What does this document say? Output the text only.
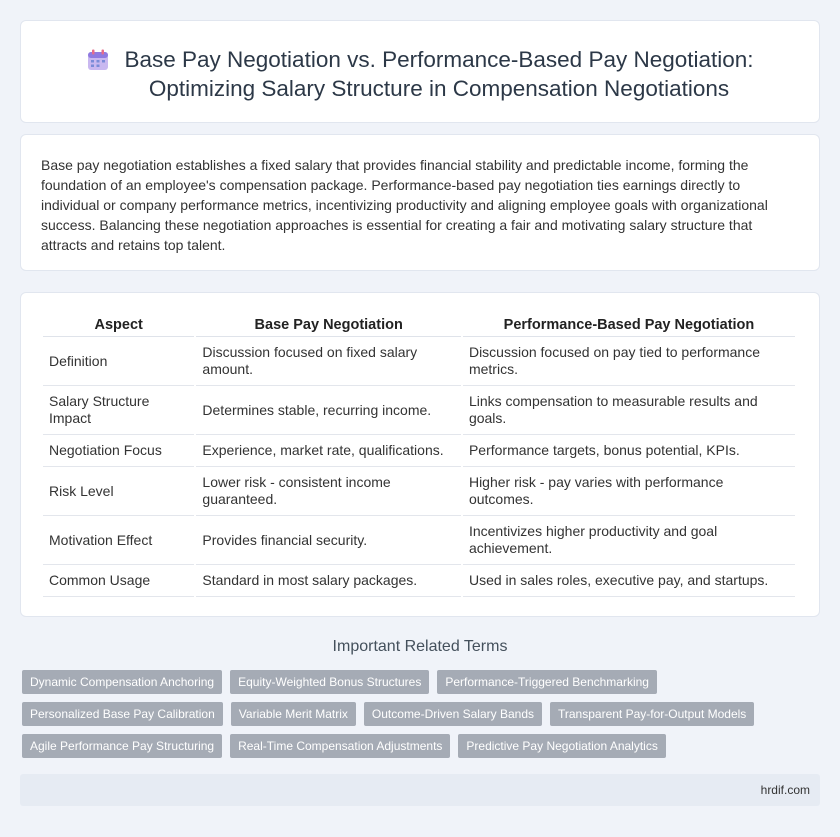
Base Pay Negotiation vs. Performance-Based Pay Negotiation:
Optimizing Salary Structure in Compensation Negotiations

Base pay negotiation establishes a fixed salary that provides financial stability and predictable income, forming the foundation of an employee's compensation package. Performance-based pay negotiation ties earnings directly to individual or company performance metrics, incentivizing productivity and aligning employee goals with organizational success. Balancing these negotiation approaches is essential for creating a fair and motivating salary structure that attracts and retains top talent.

Aspect	Base Pay Negotiation	Performance-Based Pay Negotiation
Definition	Discussion focused on fixed salary amount.	Discussion focused on pay tied to performance metrics.
Salary Structure Impact	Determines stable, recurring income.	Links compensation to measurable results and goals.
Negotiation Focus	Experience, market rate, qualifications.	Performance targets, bonus potential, KPIs.
Risk Level	Lower risk - consistent income guaranteed.	Higher risk - pay varies with performance outcomes.
Motivation Effect	Provides financial security.	Incentivizes higher productivity and goal achievement.
Common Usage	Standard in most salary packages.	Used in sales roles, executive pay, and startups.
Important Related Terms
Dynamic Compensation Anchoring	Equity-Weighted Bonus Structures	Performance-Triggered Benchmarking
Personalized Base Pay Calibration	Variable Merit Matrix	Outcome-Driven Salary Bands	Transparent Pay-for-Output Models
Agile Performance Pay Structuring	Real-Time Compensation Adjustments	Predictive Pay Negotiation Analytics
hrdif.com
